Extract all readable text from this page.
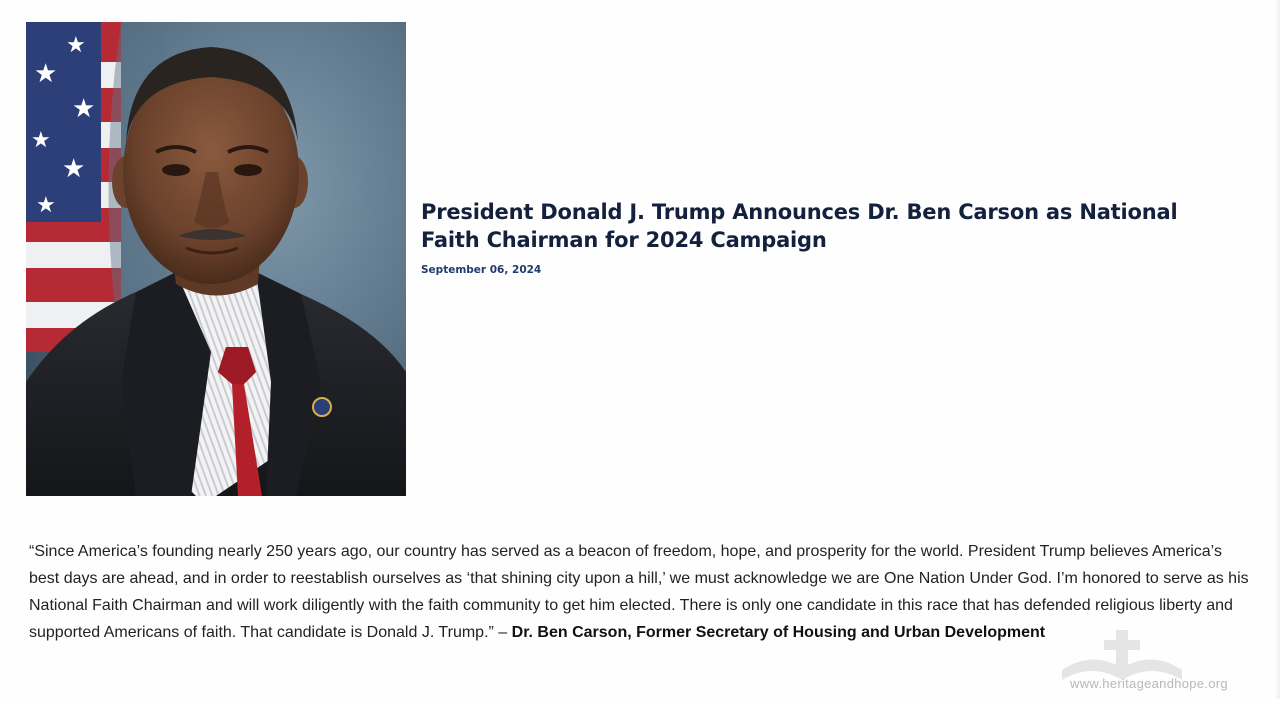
★
★
★
★
★
★	President Donald J. Trump Announces Dr. Ben Carson as National Faith Chairman for 2024 Campaign
September 06, 2024

“Since America’s founding nearly 250 years ago, our country has served as a beacon of freedom, hope, and prosperity for the world. President Trump believes America’s best days are ahead, and in order to reestablish ourselves as ‘that shining city upon a hill,’ we must acknowledge we are One Nation Under God. I’m honored to serve as his National Faith Chairman and will work diligently with the faith community to get him elected. There is only one candidate in this race that has defended religious liberty and supported Americans of faith. That candidate is Donald J. Trump.” – Dr. Ben Carson, Former Secretary of Housing and Urban Development

www.heritageandhope.org
